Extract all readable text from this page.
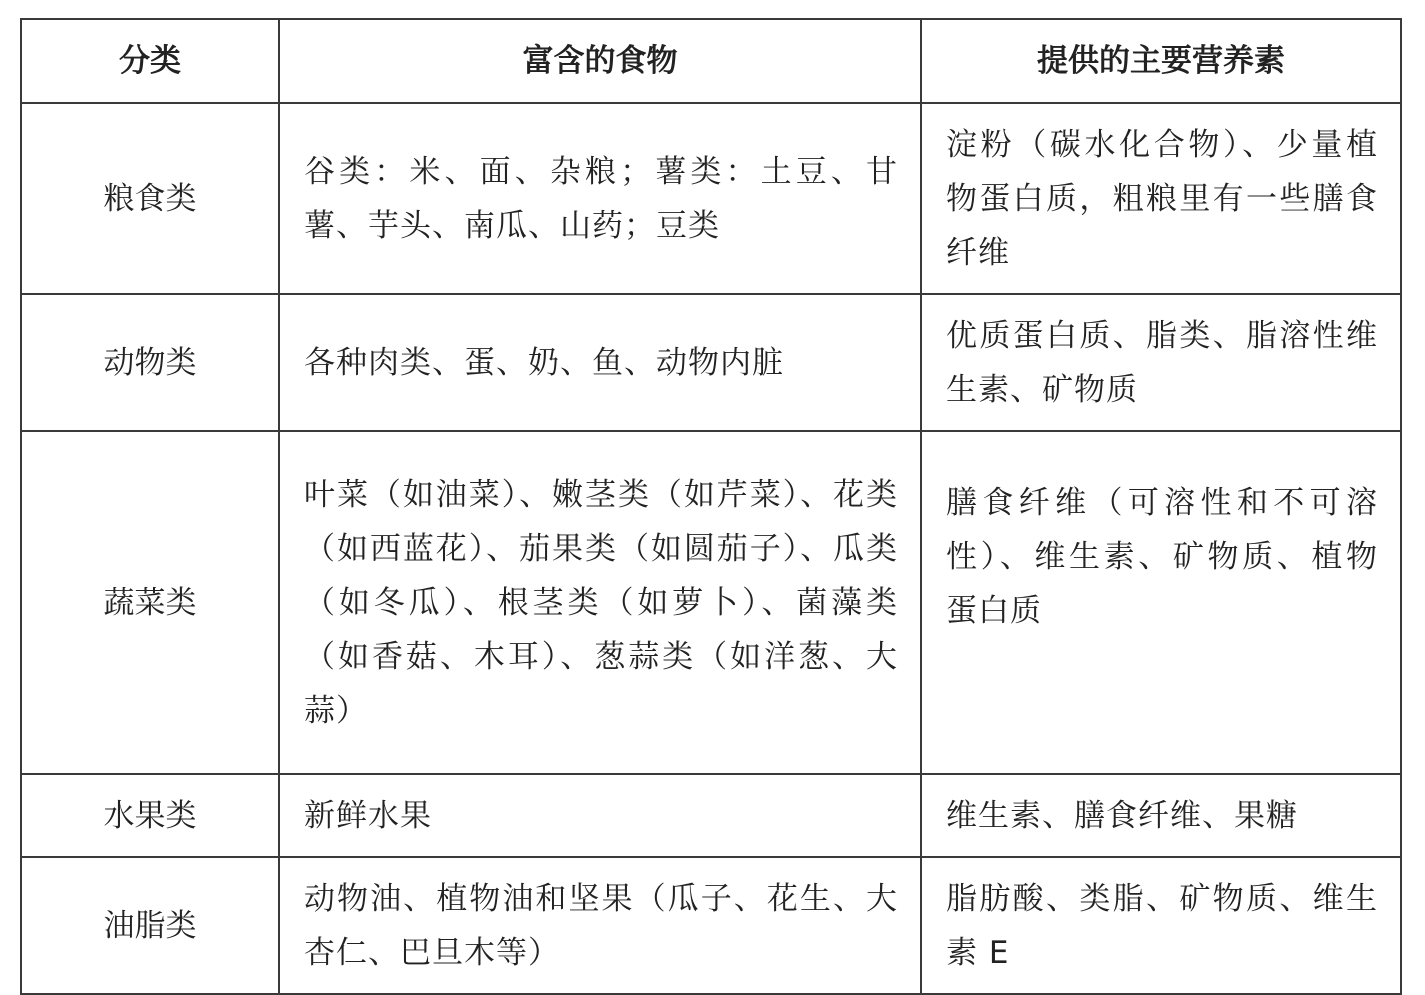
分类	富含的食物	提供的主要营养素
粮食类	谷类：米、面、杂粮；薯类：土豆、甘薯、芋头、南瓜、山药；豆类	淀粉（碳水化合物）、少量植物蛋白质，粗粮里有一些膳食纤维
动物类	各种肉类、蛋、奶、鱼、动物内脏	优质蛋白质、脂类、脂溶性维生素、矿物质
蔬菜类	叶菜（如油菜）、嫩茎类（如芹菜）、花类（如西蓝花）、茄果类（如圆茄子）、瓜类（如冬瓜）、根茎类（如萝卜）、菌藻类（如香菇、木耳）、葱蒜类（如洋葱、大蒜）	膳食纤维（可溶性和不可溶性）、维生素、矿物质、植物蛋白质
水果类	新鲜水果	维生素、膳食纤维、果糖
油脂类	动物油、植物油和坚果（瓜子、花生、大杏仁、巴旦木等）	脂肪酸、类脂、矿物质、维生素 E
